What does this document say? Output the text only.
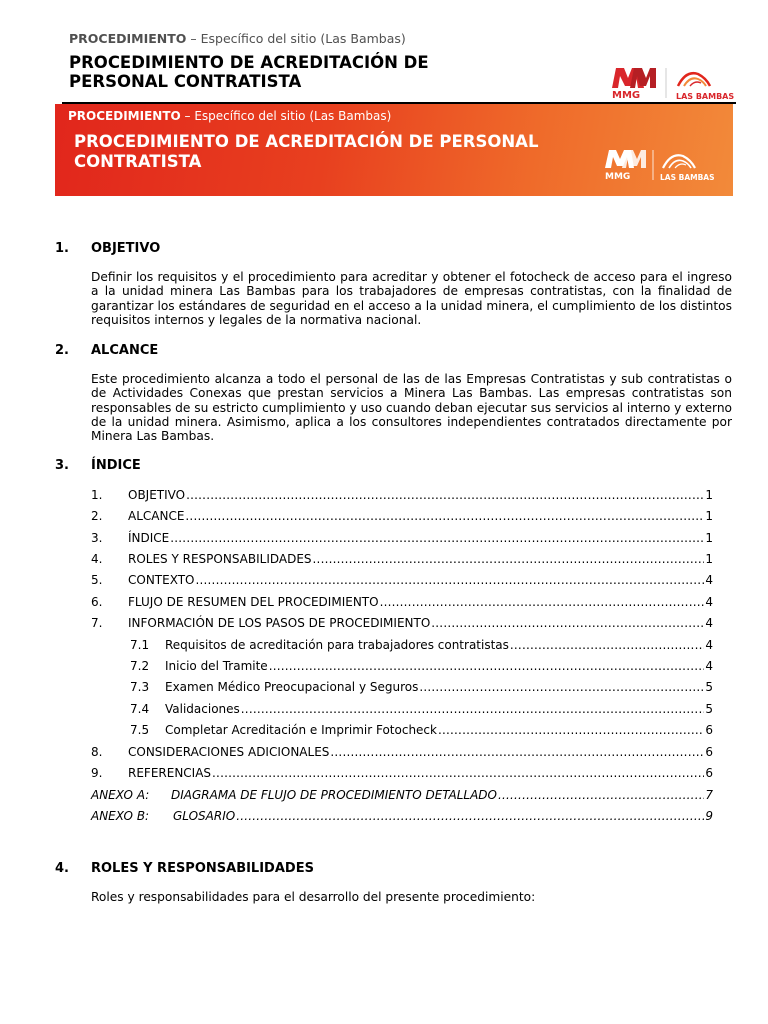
PROCEDIMIENTO – Específico del sitio (Las Bambas)
PROCEDIMIENTO DE ACREDITACIÓN DE
PERSONAL CONTRATISTA
MMG	LAS BAMBAS
PROCEDIMIENTO – Específico del sitio (Las Bambas)
PROCEDIMIENTO DE ACREDITACIÓN DE PERSONAL
CONTRATISTA
MMG	LAS BAMBAS
1. OBJETIVO
Definir los requisitos y el procedimiento para acreditar y obtener el fotocheck de acceso para el ingreso a la unidad minera Las Bambas para los trabajadores de empresas contratistas, con la finalidad de garantizar los estándares de seguridad en el acceso a la unidad minera, el cumplimiento de los distintos requisitos internos y legales de la normativa nacional.
2. ALCANCE
Este procedimiento alcanza a todo el personal de las de las Empresas Contratistas y sub contratistas o de Actividades Conexas que prestan servicios a Minera Las Bambas. Las empresas contratistas son responsables de su estricto cumplimiento y uso cuando deban ejecutar sus servicios al interno y externo de la unidad minera. Asimismo, aplica a los consultores independientes contratados directamente por Minera Las Bambas.
3. ÍNDICE
1.	OBJETIVO .....	1
2.	ALCANCE .....	1
3.	ÍNDICE .....	1
4.	ROLES Y RESPONSABILIDADES .....	1
5.	CONTEXTO .....	4
6.	FLUJO DE RESUMEN DEL PROCEDIMIENTO .....	4
7.	INFORMACIÓN DE LOS PASOS DE PROCEDIMIENTO .....	4
7.1	Requisitos de acreditación para trabajadores contratistas .....	4
7.2	Inicio del Tramite .....	4
7.3	Examen Médico Preocupacional y Seguros .....	5
7.4	Validaciones .....	5
7.5	Completar Acreditación e Imprimir Fotocheck .....	6
8.	CONSIDERACIONES ADICIONALES .....	6
9.	REFERENCIAS .....	6
ANEXO A:	DIAGRAMA DE FLUJO DE PROCEDIMIENTO DETALLADO .....	7
ANEXO B:	GLOSARIO .....	9
4. ROLES Y RESPONSABILIDADES
Roles y responsabilidades para el desarrollo del presente procedimiento:
